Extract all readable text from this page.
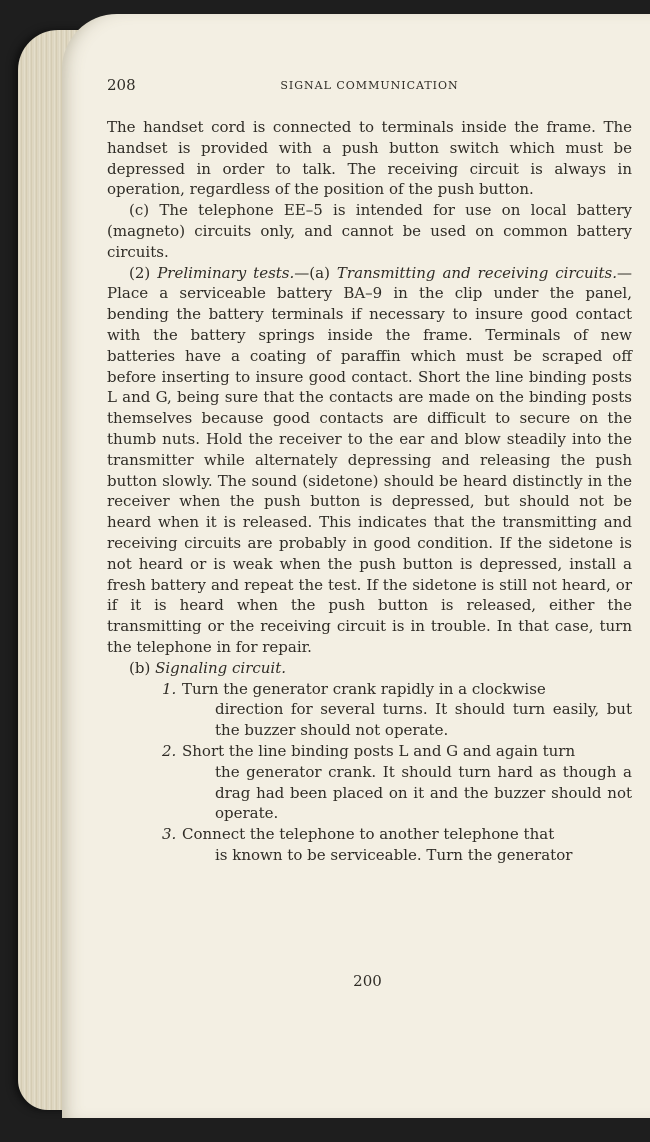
208	SIGNAL COMMUNICATION

The handset cord is connected to terminals inside the frame. The handset is provided with a push button switch which must be depressed in order to talk. The receiving circuit is always in operation, regardless of the position of the push button.

(c) The telephone EE–5 is intended for use on local battery (magneto) circuits only, and cannot be used on common battery circuits.

(2) Preliminary tests.—(a) Transmitting and receiving circuits.—Place a serviceable battery BA–9 in the clip under the panel, bending the battery terminals if necessary to insure good contact with the battery springs inside the frame. Terminals of new batteries have a coating of paraffin which must be scraped off before inserting to insure good contact. Short the line binding posts L and G, being sure that the contacts are made on the binding posts themselves because good contacts are difficult to secure on the thumb nuts. Hold the receiver to the ear and blow steadily into the transmitter while alternately depressing and releasing the push button slowly. The sound (sidetone) should be heard distinctly in the receiver when the push button is depressed, but should not be heard when it is released. This indicates that the transmitting and receiving circuits are probably in good condition. If the sidetone is not heard or is weak when the push button is depressed, install a fresh battery and repeat the test. If the sidetone is still not heard, or if it is heard when the push button is released, either the transmitting or the receiving circuit is in trouble. In that case, turn the telephone in for repair.

(b) Signaling circuit.

1. Turn the generator crank rapidly in a clockwise
direction for several turns. It should turn easily, but the buzzer should not operate.
2. Short the line binding posts L and G and again turn
the generator crank. It should turn hard as though a drag had been placed on it and the buzzer should not operate.
3. Connect the telephone to another telephone that
is known to be serviceable. Turn the generator
200
